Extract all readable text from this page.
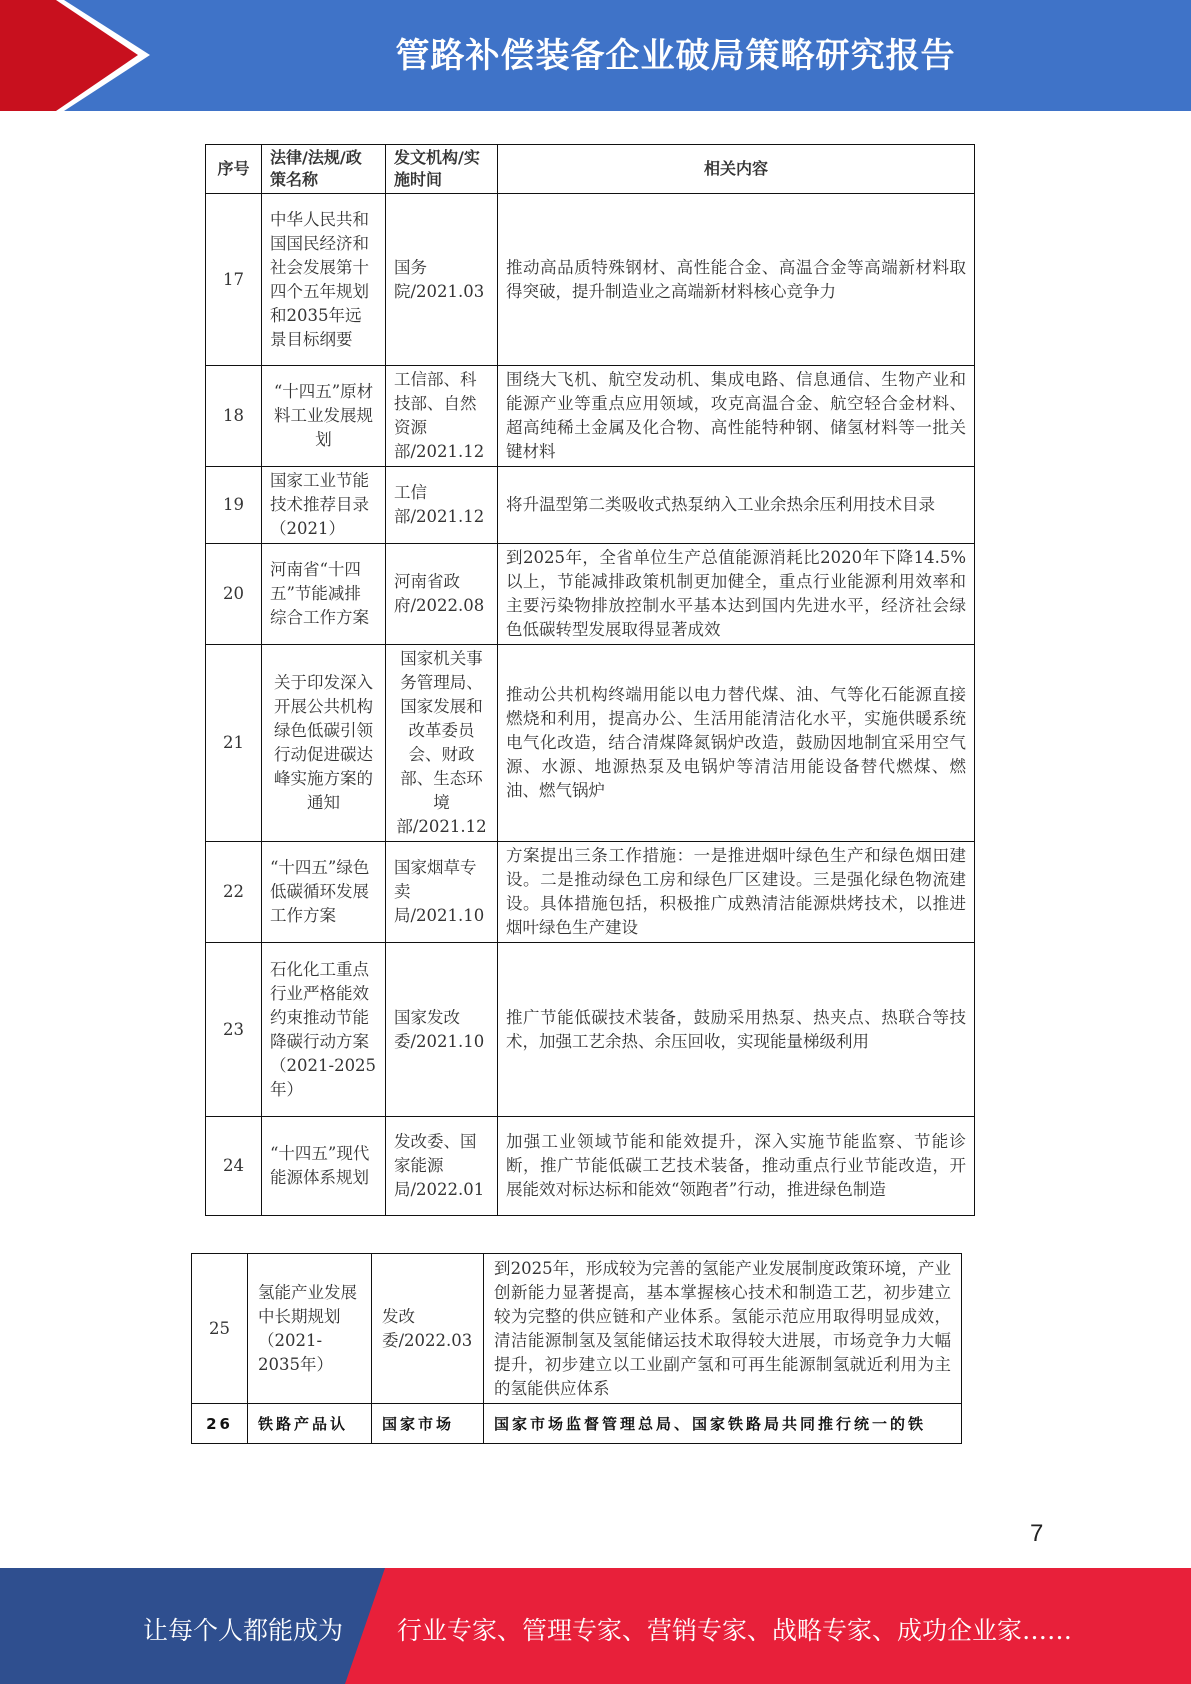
管路补偿装备企业破局策略研究报告
序号	法律/法规/政策名称	发文机构/实施时间	相关内容
17	中华人民共和国国民经济和社会发展第十四个五年规划和2035年远景目标纲要	国务院/2021.03	推动高品质特殊钢材、高性能合金、高温合金等高端新材料取得突破，提升制造业之高端新材料核心竞争力
18	“十四五”原材料工业发展规划	工信部、科技部、自然资源部/2021.12	围绕大飞机、航空发动机、集成电路、信息通信、生物产业和能源产业等重点应用领域，攻克高温合金、航空轻合金材料、超高纯稀土金属及化合物、高性能特种钢、储氢材料等一批关键材料
19	国家工业节能技术推荐目录（2021）	工信部/2021.12	将升温型第二类吸收式热泵纳入工业余热余压利用技术目录
20	河南省“十四五”节能减排综合工作方案	河南省政府/2022.08	到2025年，全省单位生产总值能源消耗比2020年下降14.5%以上，节能减排政策机制更加健全，重点行业能源利用效率和主要污染物排放控制水平基本达到国内先进水平，经济社会绿色低碳转型发展取得显著成效
21	关于印发深入开展公共机构绿色低碳引领行动促进碳达峰实施方案的通知	国家机关事务管理局、国家发展和改革委员会、财政部、生态环境部/2021.12	推动公共机构终端用能以电力替代煤、油、气等化石能源直接燃烧和利用，提高办公、生活用能清洁化水平，实施供暖系统电气化改造，结合清煤降氮锅炉改造，鼓励因地制宜采用空气源、水源、地源热泵及电锅炉等清洁用能设备替代燃煤、燃油、燃气锅炉
22	“十四五”绿色低碳循环发展工作方案	国家烟草专卖局/2021.10	方案提出三条工作措施：一是推进烟叶绿色生产和绿色烟田建设。二是推动绿色工房和绿色厂区建设。三是强化绿色物流建设。具体措施包括，积极推广成熟清洁能源烘烤技术，以推进烟叶绿色生产建设
23	石化化工重点行业严格能效约束推动节能降碳行动方案（2021-2025年）	国家发改委/2021.10	推广节能低碳技术装备，鼓励采用热泵、热夹点、热联合等技术，加强工艺余热、余压回收，实现能量梯级利用
24	“十四五”现代能源体系规划	发改委、国家能源局/2022.01	加强工业领域节能和能效提升，深入实施节能监察、节能诊断，推广节能低碳工艺技术装备，推动重点行业节能改造，开展能效对标达标和能效“领跑者”行动，推进绿色制造
25	氢能产业发展中长期规划（2021-2035年）	发改委/2022.03	到2025年，形成较为完善的氢能产业发展制度政策环境，产业创新能力显著提高，基本掌握核心技术和制造工艺，初步建立较为完整的供应链和产业体系。氢能示范应用取得明显成效，清洁能源制氢及氢能储运技术取得较大进展，市场竞争力大幅提升，初步建立以工业副产氢和可再生能源制氢就近利用为主的氢能供应体系
26	铁路产品认	国家市场	国家市场监督管理总局、国家铁路局共同推行统一的铁
7
让每个人都能成为 行业专家、管理专家、营销专家、战略专家、成功企业家……
